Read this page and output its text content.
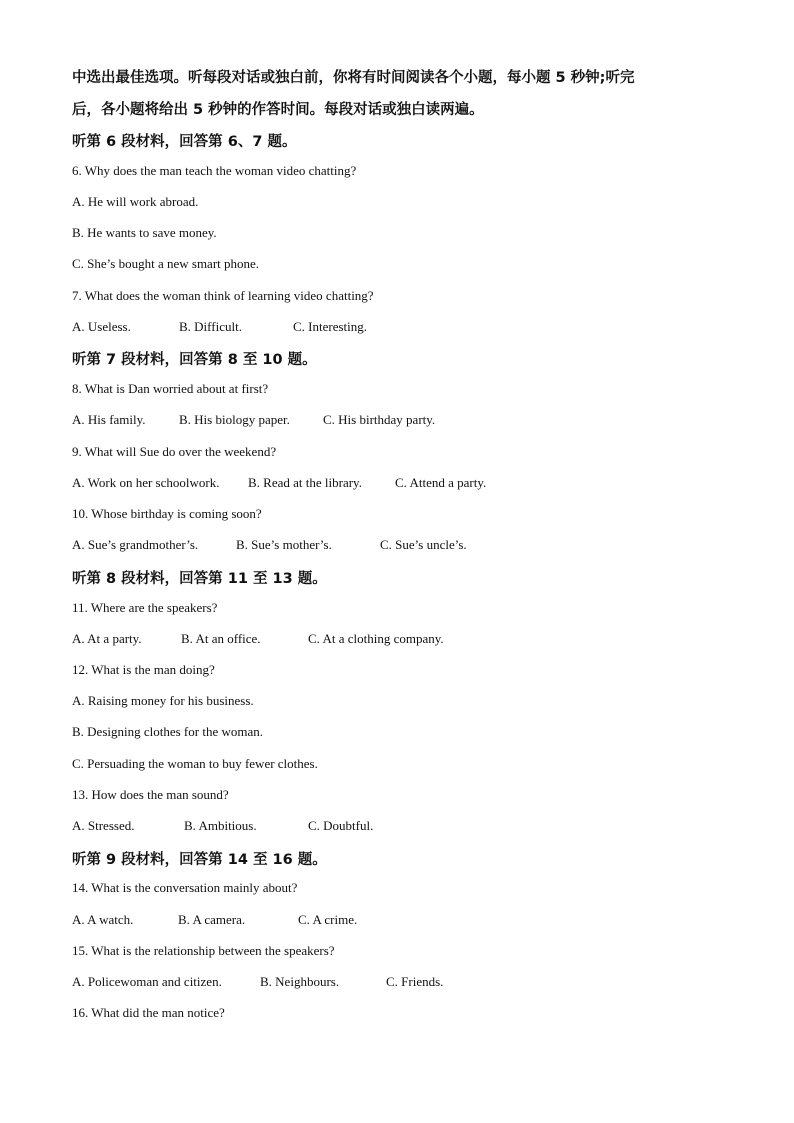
中选出最佳选项。听每段对话或独白前，你将有时间阅读各个小题，每小题 5 秒钟;听完
后，各小题将给出 5 秒钟的作答时间。每段对话或独白读两遍。
听第 6 段材料，回答第 6、7 题。
6. Why does the man teach the woman video chatting?
A. He will work abroad.
B. He wants to save money.
C. She’s bought a new smart phone.
7. What does the woman think of learning video chatting?
A. Useless.	B. Difficult.	C. Interesting.
听第 7 段材料，回答第 8 至 10 题。
8. What is Dan worried about at first?
A. His family.	B. His biology paper.	C. His birthday party.
9. What will Sue do over the weekend?
A. Work on her schoolwork. B. Read at the library.	C. Attend a party.
10. Whose birthday is coming soon?
A. Sue’s grandmother’s.	B. Sue’s mother’s.	C. Sue’s uncle’s.
听第 8 段材料，回答第 11 至 13 题。
11. Where are the speakers?
A. At a party.	B. At an office.	C. At a clothing company.
12. What is the man doing?
A. Raising money for his business.
B. Designing clothes for the woman.
C. Persuading the woman to buy fewer clothes.
13. How does the man sound?
A. Stressed.	B. Ambitious.	C. Doubtful.
听第 9 段材料，回答第 14 至 16 题。
14. What is the conversation mainly about?
A. A watch.	B. A camera.	C. A crime.
15. What is the relationship between the speakers?
A. Policewoman and citizen.	B. Neighbours.	C. Friends.
16. What did the man notice?
